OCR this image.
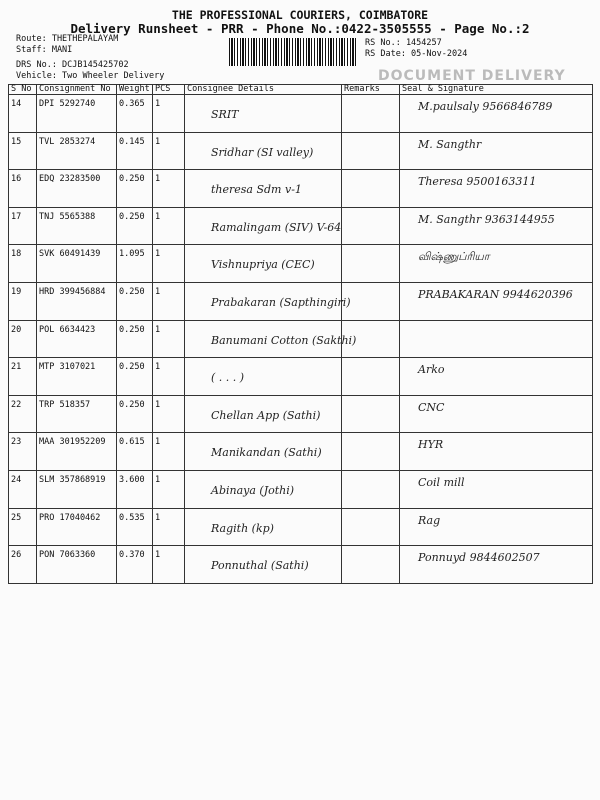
THE PROFESSIONAL COURIERS, COIMBATORE
Delivery Runsheet - PRR - Phone No.:0422-3505555 - Page No.:2
Route: THETHEPALAYAM
Staff: MANI
DRS No.: DCJB145425702
Vehicle: Two Wheeler Delivery
RS No.: 1454257
RS Date: 05-Nov-2024
DOCUMENT DELIVERY
S No	Consignment No	Weight	PCS	Consignee Details	Remarks	Seal & Signature
14	DPI 5292740	0.365	1	SRIT		M.paulsaly 9566846789
15	TVL 2853274	0.145	1	Sridhar (SI valley)		M. Sangthr
16	EDQ 23283500	0.250	1	theresa Sdm v-1		Theresa 9500163311
17	TNJ 5565388	0.250	1	Ramalingam (SIV) V-64		M. Sangthr 9363144955
18	SVK 60491439	1.095	1	Vishnupriya (CEC)		விஷ்ணுப்ரியா
19	HRD 399456884	0.250	1	Prabakaran (Sapthingiri)		PRABAKARAN 9944620396
20	POL 6634423	0.250	1	Banumani Cotton (Sakthi)		
21	MTP 3107021	0.250	1	( . . . )		Arko
22	TRP 518357	0.250	1	Chellan App (Sathi)		CNC
23	MAA 301952209	0.615	1	Manikandan (Sathi)		HYR
24	SLM 357868919	3.600	1	Abinaya (Jothi)		Coil mill
25	PRO 17040462	0.535	1	Ragith (kp)		Rag
26	PON 7063360	0.370	1	Ponnuthal (Sathi)		Ponnuyd 9844602507
